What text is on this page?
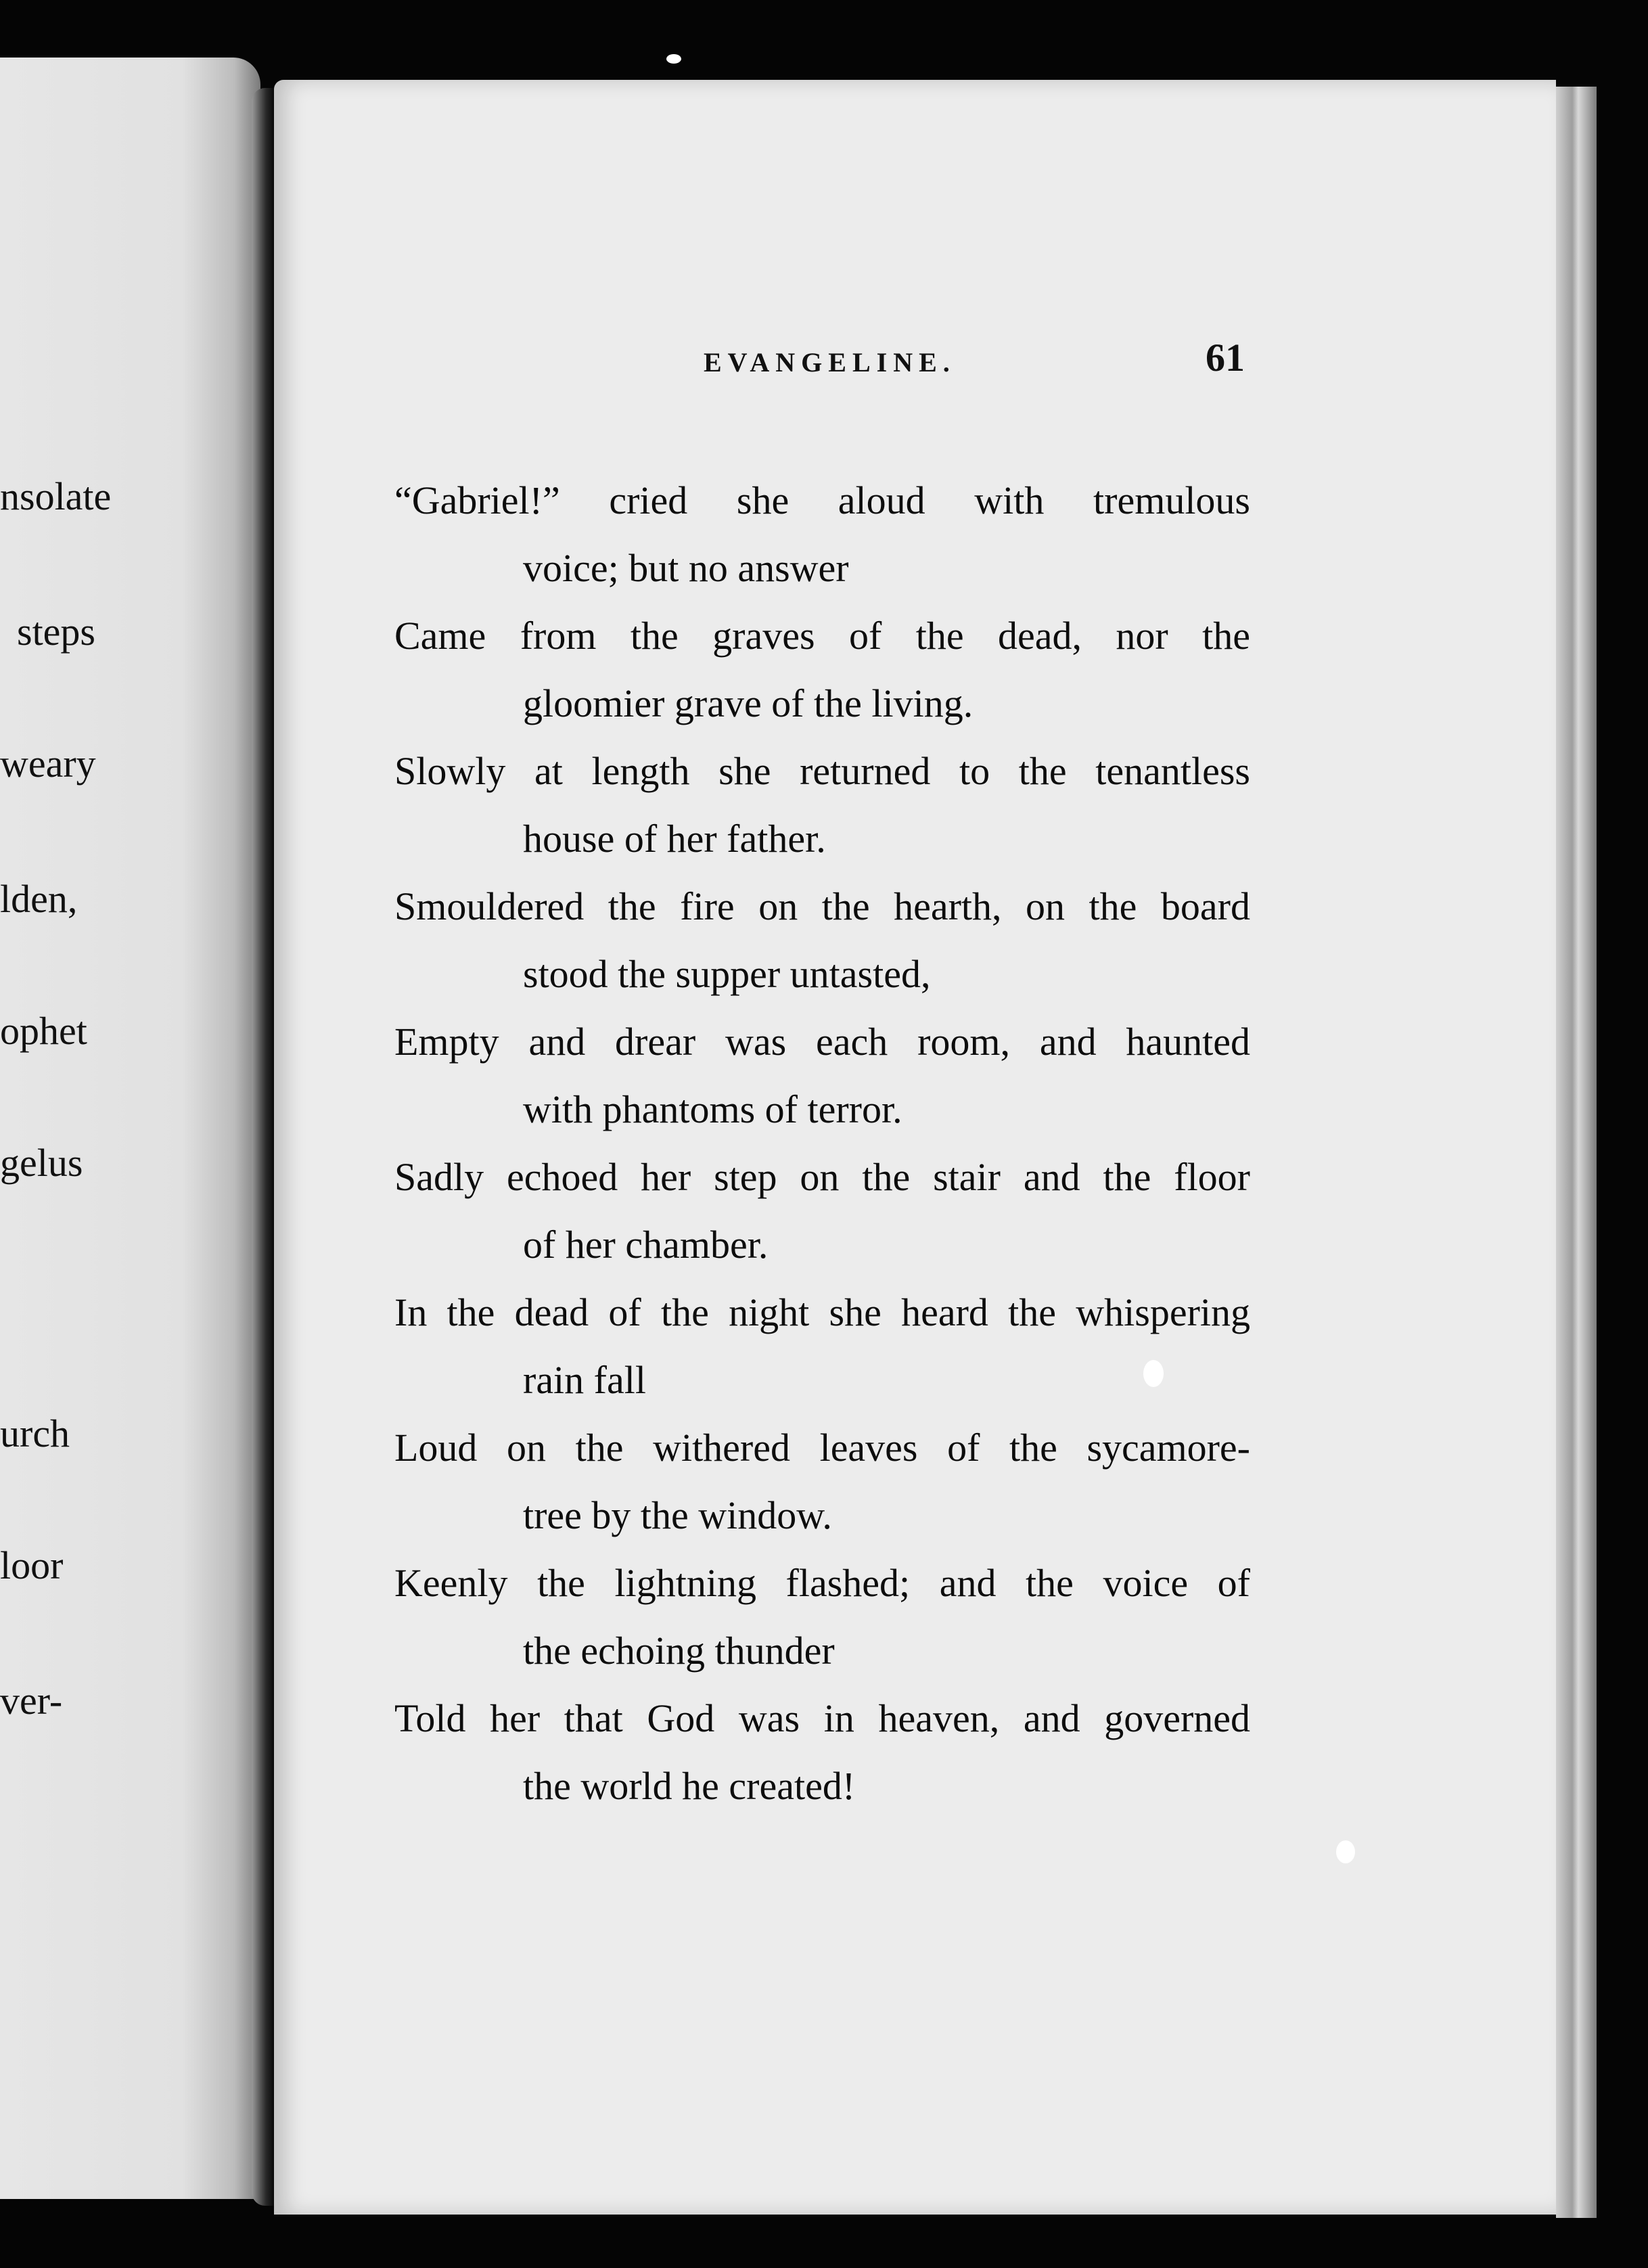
nsolate
steps
weary
lden,
ophet
gelus
urch
loor
ver-
EVANGELINE.	61
“Gabriel!” cried she aloud with tremulous
voice; but no answer
Came from the graves of the dead, nor the
gloomier grave of the living.
Slowly at length she returned to the tenantless
house of her father.
Smouldered the fire on the hearth, on the board
stood the supper untasted,
Empty and drear was each room, and haunted
with phantoms of terror.
Sadly echoed her step on the stair and the floor
of her chamber.
In the dead of the night she heard the whispering
rain fall
Loud on the withered leaves of the sycamore-
tree by the window.
Keenly the lightning flashed; and the voice of
the echoing thunder
Told her that God was in heaven, and governed
the world he created!
